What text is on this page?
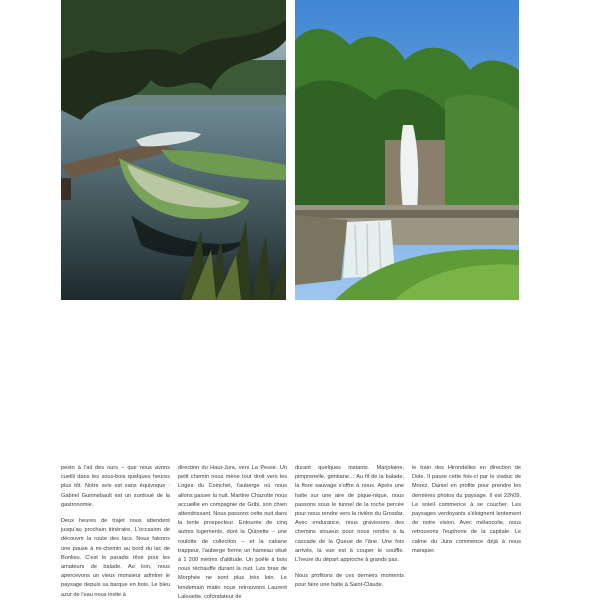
pesto à l'ail des ours – que nous avons cueilli dans les sous-bois quelques heures plus tôt. Notre avis est sans équivoque : Gabriel Guinnebault est un surdoué de la gastronomie.

Deux heures de trajet nous attendent jusqu'au prochain itinéraire. L'occasion de découvrir la route des lacs. Nous faisons une pause à mi-chemin au bord du lac de Bonlieu. C'est le paradis rêvé pour les amateurs de balade. Au loin, nous apercevons un vieux monsieur admirer le paysage depuis sa barque en bois. Le bleu azur de l'eau nous invite à

direction du Haut-Jura, vers La Pesse. Un petit chemin nous mène tout droit vers les Loges du Coinchet, l'auberge où nous allons passer la nuit. Martine Chazotte nous accueille en compagnie de Gribi, son chien attendrissant. Nous passons cette nuit dans la tente prospecteur. Entourée de cinq autres logements, dont la Quinette – une roulotte de collection – et la cabane trappeur, l'auberge forme un hameau situé à 1 200 mètres d'altitude. Un poêle à bois nous réchauffe durant la nuit. Les bras de Morphée ne sont plus très loin. Le lendemain matin nous retrouvons Laurent Lalouette, cofondateur de

durant quelques instants. Marjolaine, pimprenelle, gentiane… Au fil de la balade, la flore sauvage s'offre à nous. Après une halte sur une aire de pique-nique, nous passons sous le tunnel de la roche percée pour nous rendre vers la rivière du Grosdar. Avec endurance, nous gravissons des chemins sinueux pour nous rendre à la cascade de la Queue de l'âne. Une fois arrivés, la vue est à couper le souffle. L'heure du départ approche à grands pas.

Nous profitons de ces derniers moments pour faire une halte à Saint-Claude.

le train des Hirondelles en direction de Dole. Il passe cette fois-ci par le viaduc de Morez. Daniel en profite pour prendre les dernières photos du paysage. Il est 22h09. Le soleil commence à se coucher. Les paysages verdoyants s'éloignent lentement de notre vision. Avec mélancolie, nous retrouvons l'euphorie de la capitale. Le calme du Jura commence déjà à nous manquer.
